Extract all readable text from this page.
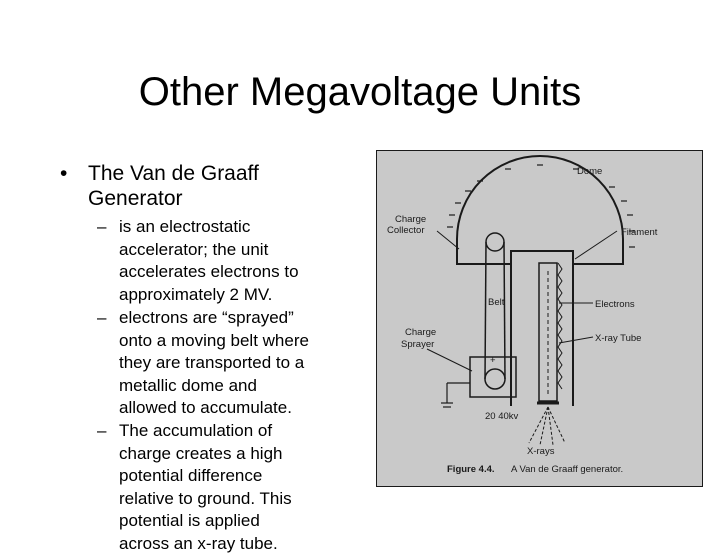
Other Megavoltage Units
• The Van de Graaff
Generator
– is an electrostatic
accelerator; the unit
accelerates electrons to
approximately 2 MV.
– electrons are “sprayed”
onto a moving belt where
they are transported to a
metallic dome and
allowed to accumulate.
– The accumulation of
charge creates a high
potential difference
relative to ground. This
potential is applied
across an x-ray tube.
+
Dome
Charge
Collector	Filament
Belt	Electrons
Charge
Sprayer
X-ray Tube
20 40kv
X-rays
Figure 4.4. A Van de Graaff generator.
